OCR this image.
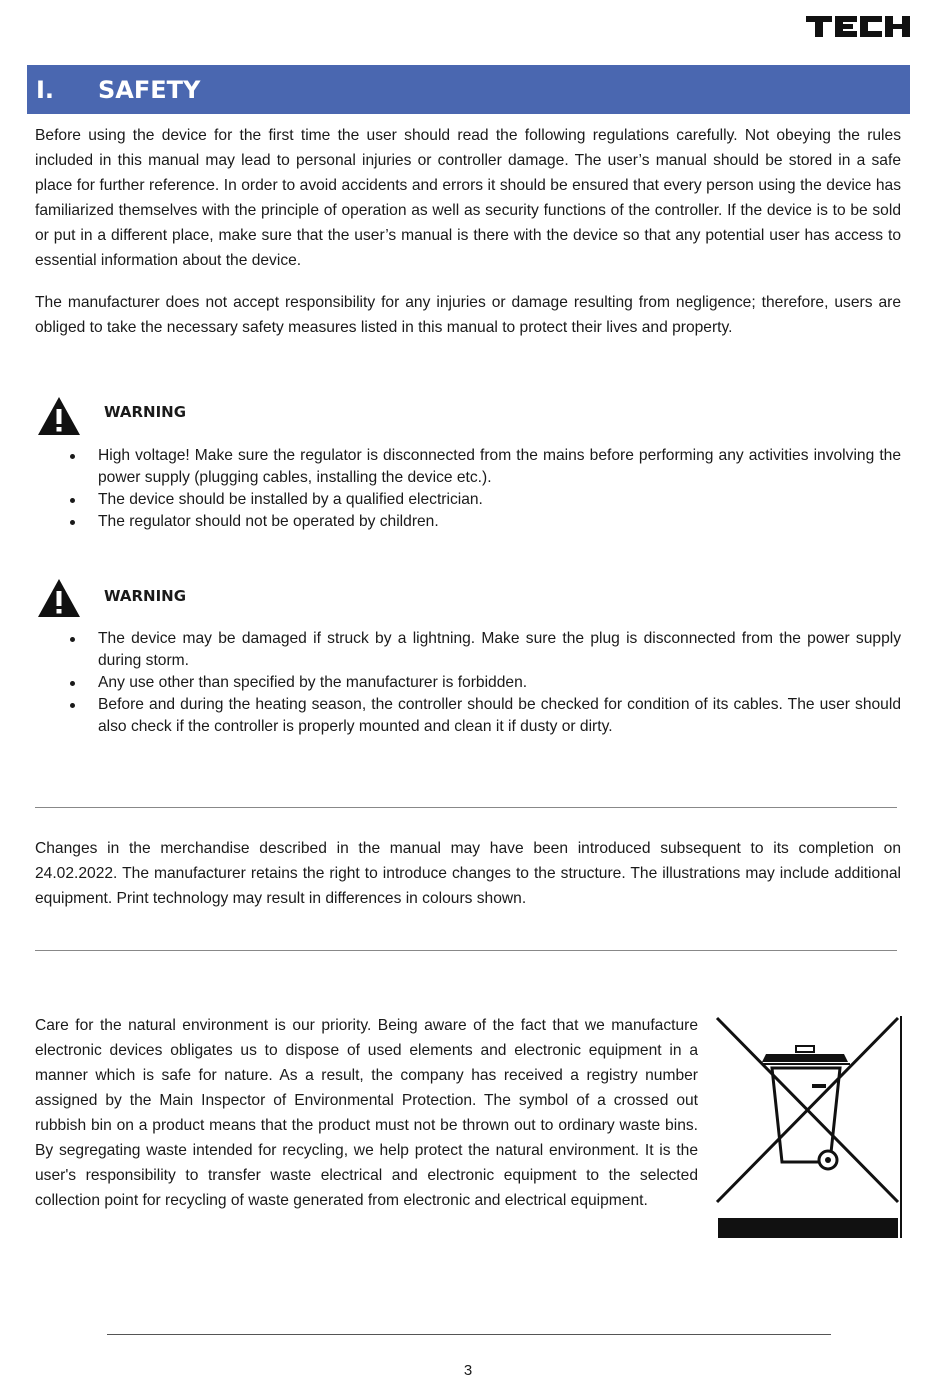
I.	SAFETY

Before using the device for the first time the user should read the following regulations carefully. Not obeying the rules included in this manual may lead to personal injuries or controller damage. The user’s manual should be stored in a safe place for further reference. In order to avoid accidents and errors it should be ensured that every person using the device has familiarized themselves with the principle of operation as well as security functions of the controller. If the device is to be sold or put in a different place, make sure that the user’s manual is there with the device so that any potential user has access to essential information about the device.

The manufacturer does not accept responsibility for any injuries or damage resulting from negligence; therefore, users are obliged to take the necessary safety measures listed in this manual to protect their lives and property.

WARNING
High voltage! Make sure the regulator is disconnected from the mains before performing any activities involving the power supply (plugging cables, installing the device etc.).
The device should be installed by a qualified electrician.
The regulator should not be operated by children.
WARNING
The device may be damaged if struck by a lightning. Make sure the plug is disconnected from the power supply during storm.
Any use other than specified by the manufacturer is forbidden.
Before and during the heating season, the controller should be checked for condition of its cables. The user should also check if the controller is properly mounted and clean it if dusty or dirty.

Changes in the merchandise described in the manual may have been introduced subsequent to its completion on 24.02.2022. The manufacturer retains the right to introduce changes to the structure. The illustrations may include additional equipment. Print technology may result in differences in colours shown.

Care for the natural environment is our priority. Being aware of the fact that we manufacture electronic devices obligates us to dispose of used elements and electronic equipment in a manner which is safe for nature. As a result, the company has received a registry number assigned by the Main Inspector of Environmental Protection. The symbol of a crossed out rubbish bin on a product means that the product must not be thrown out to ordinary waste bins. By segregating waste intended for recycling, we help protect the natural environment. It is the user's responsibility to transfer waste electrical and electronic equipment to the selected collection point for recycling of waste generated from electronic and electrical equipment.

3
